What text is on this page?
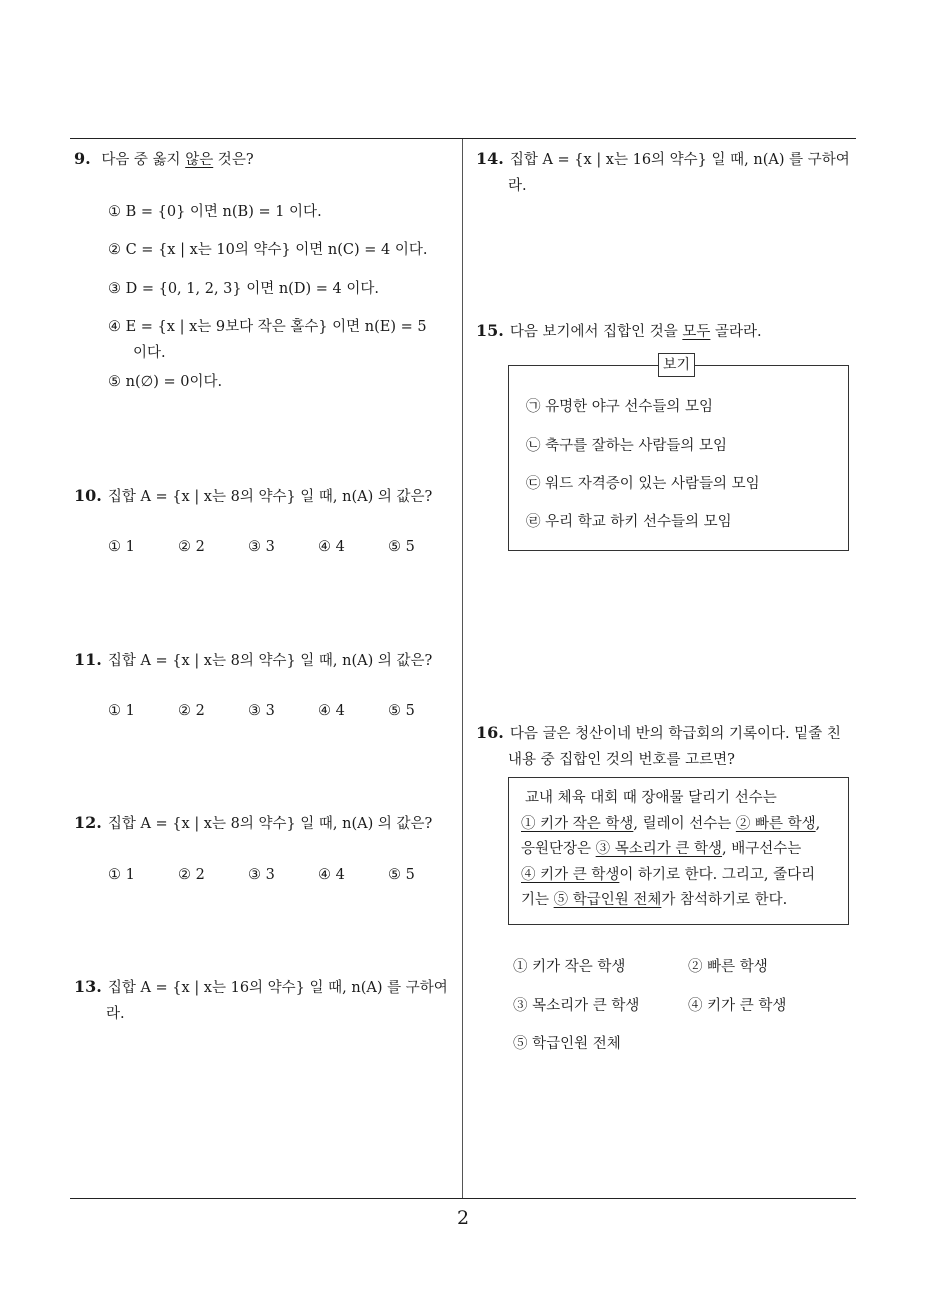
9. 다음 중 옳지 않은 것은?
① B = {0} 이면 n(B) = 1 이다.
② C = {x | x는 10의 약수} 이면 n(C) = 4 이다.
③ D = {0, 1, 2, 3} 이면 n(D) = 4 이다.
④ E = {x | x는 9보다 작은 홀수} 이면 n(E) = 5
이다.
⑤ n(∅) = 0이다.
10. 집합 A = {x | x는 8의 약수} 일 때, n(A) 의 값은?
① 1	② 2	③ 3	④ 4	⑤ 5
11. 집합 A = {x | x는 8의 약수} 일 때, n(A) 의 값은?
① 1	② 2	③ 3	④ 4	⑤ 5
12. 집합 A = {x | x는 8의 약수} 일 때, n(A) 의 값은?
① 1	② 2	③ 3	④ 4	⑤ 5
13. 집합 A = {x | x는 16의 약수} 일 때, n(A) 를 구하여
라.
14. 집합 A = {x | x는 16의 약수} 일 때, n(A) 를 구하여
라.
15. 다음 보기에서 집합인 것을 모두 골라라.
보기
㉠ 유명한 야구 선수들의 모임
㉡ 축구를 잘하는 사람들의 모임
㉢ 워드 자격증이 있는 사람들의 모임
㉣ 우리 학교 하키 선수들의 모임
16. 다음 글은 청산이네 반의 학급회의 기록이다. 밑줄 친
내용 중 집합인 것의 번호를 고르면?
교내 체육 대회 때 장애물 달리기 선수는
① 키가 작은 학생, 릴레이 선수는 ② 빠른 학생,
응원단장은 ③ 목소리가 큰 학생, 배구선수는
④ 키가 큰 학생이 하기로 한다. 그리고, 줄다리
기는 ⑤ 학급인원 전체가 참석하기로 한다.
① 키가 작은 학생	② 빠른 학생
③ 목소리가 큰 학생	④ 키가 큰 학생
⑤ 학급인원 전체
2
